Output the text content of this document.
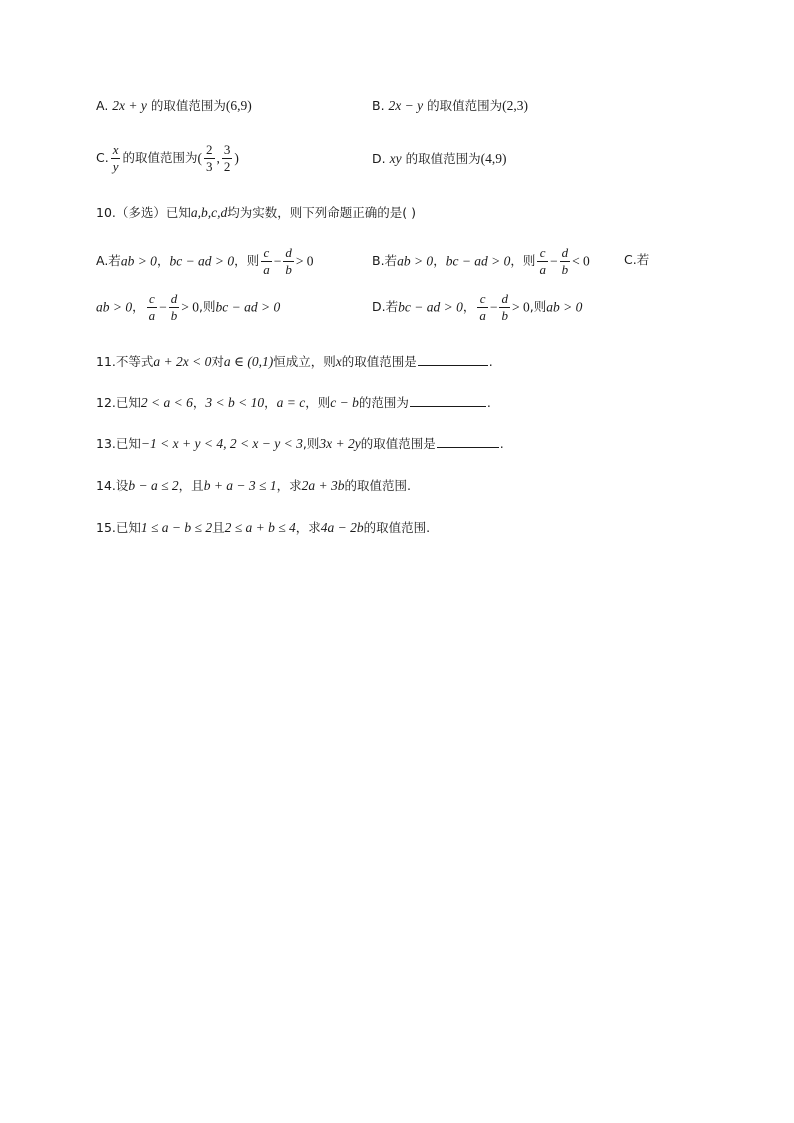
A. 2x + y 的取值范围为(6,9)	B. 2x − y 的取值范围为(2,3)
C. $\frac{x}{y}$ 的取值范围为( $\frac{2}{3}$ , $\frac{3}{2}$ )	D. xy 的取值范围为(4,9)
10.（多选）已知a,b,c,d均为实数，则下列命题正确的是( )
A.若ab > 0，bc − ad > 0，则 $\frac{c}{a} - \frac{d}{b} > 0$	B.若ab > 0，bc − ad > 0，则 $\frac{c}{a} - \frac{d}{b} < 0$	C.若
ab > 0， $\frac{c}{a} - \frac{d}{b} > 0$,则bc − ad > 0	D.若bc − ad > 0， $\frac{c}{a} - \frac{d}{b} > 0$,则ab > 0
11.不等式a + 2x < 0对a ∈ (0,1)恒成立，则x的取值范围是	.
12.已知2 < a < 6，3 < b < 10，a = c，则c − b的范围为	.
13.已知−1 < x + y < 4, 2 < x − y < 3,则3x + 2y的取值范围是	.
14.设b − a ≤ 2，且b + a − 3 ≤ 1，求2a + 3b的取值范围.
15.已知1 ≤ a − b ≤ 2且2 ≤ a + b ≤ 4，求4a − 2b的取值范围.
